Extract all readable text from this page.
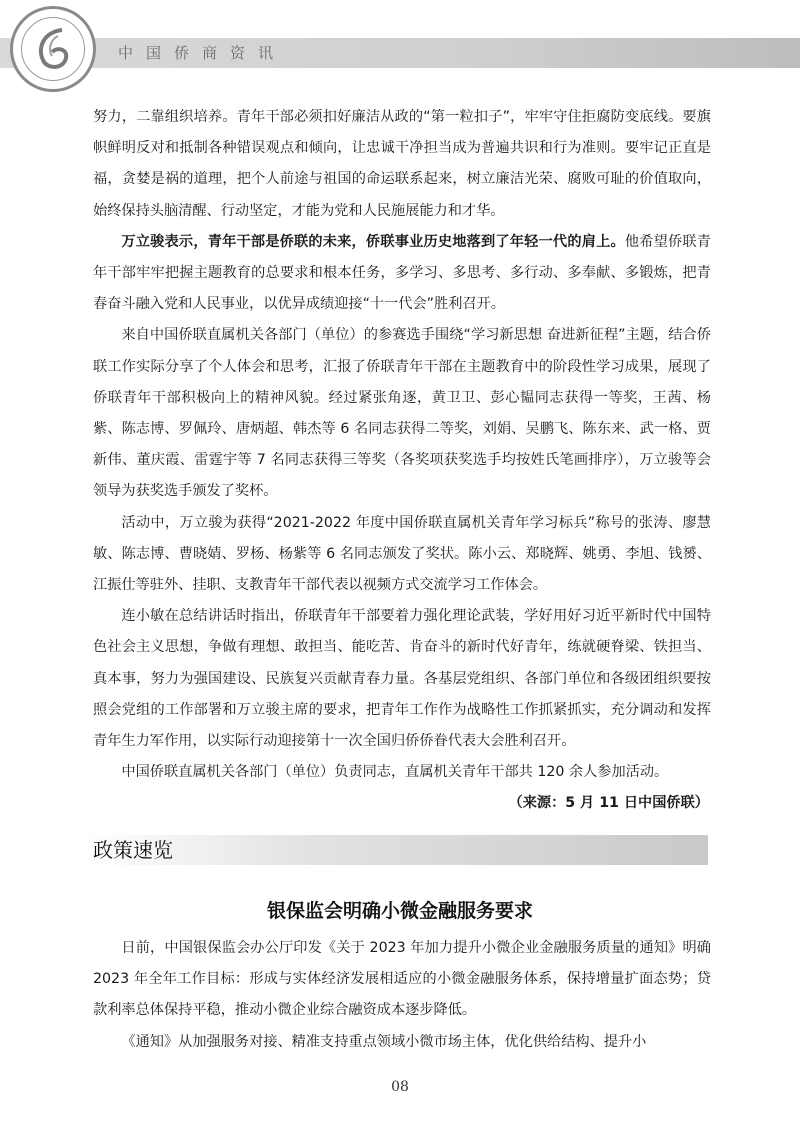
中国侨商资讯

努力，二靠组织培养。青年干部必须扣好廉洁从政的“第一粒扣子”，牢牢守住拒腐防变底线。要旗帜鲜明反对和抵制各种错误观点和倾向，让忠诚干净担当成为普遍共识和行为准则。要牢记正直是福，贪婪是祸的道理，把个人前途与祖国的命运联系起来，树立廉洁光荣、腐败可耻的价值取向，始终保持头脑清醒、行动坚定，才能为党和人民施展能力和才华。

万立骏表示，青年干部是侨联的未来，侨联事业历史地落到了年轻一代的肩上。他希望侨联青年干部牢牢把握主题教育的总要求和根本任务，多学习、多思考、多行动、多奉献、多锻炼，把青春奋斗融入党和人民事业，以优异成绩迎接“十一代会”胜利召开。

来自中国侨联直属机关各部门（单位）的参赛选手围绕“学习新思想 奋进新征程”主题，结合侨联工作实际分享了个人体会和思考，汇报了侨联青年干部在主题教育中的阶段性学习成果，展现了侨联青年干部积极向上的精神风貌。经过紧张角逐，黄卫卫、彭心韫同志获得一等奖，王茜、杨紫、陈志博、罗佩玲、唐炳超、韩杰等 6 名同志获得二等奖，刘娟、吴鹏飞、陈东来、武一格、贾新伟、董庆霞、雷霆宇等 7 名同志获得三等奖（各奖项获奖选手均按姓氏笔画排序），万立骏等会领导为获奖选手颁发了奖杯。

活动中，万立骏为获得“2021-2022 年度中国侨联直属机关青年学习标兵”称号的张涛、廖慧敏、陈志博、曹晓婧、罗杨、杨紫等 6 名同志颁发了奖状。陈小云、郑晓辉、姚勇、李旭、钱赟、江振仕等驻外、挂职、支教青年干部代表以视频方式交流学习工作体会。

连小敏在总结讲话时指出，侨联青年干部要着力强化理论武装，学好用好习近平新时代中国特色社会主义思想，争做有理想、敢担当、能吃苦、肯奋斗的新时代好青年，练就硬脊梁、铁担当、真本事，努力为强国建设、民族复兴贡献青春力量。各基层党组织、各部门单位和各级团组织要按照会党组的工作部署和万立骏主席的要求，把青年工作作为战略性工作抓紧抓实，充分调动和发挥青年生力军作用，以实际行动迎接第十一次全国归侨侨眷代表大会胜利召开。

中国侨联直属机关各部门（单位）负责同志，直属机关青年干部共 120 余人参加活动。

（来源：5 月 11 日中国侨联）

政策速览
银保监会明确小微金融服务要求

日前，中国银保监会办公厅印发《关于 2023 年加力提升小微企业金融服务质量的通知》明确 2023 年全年工作目标：形成与实体经济发展相适应的小微金融服务体系，保持增量扩面态势；贷款利率总体保持平稳，推动小微企业综合融资成本逐步降低。

《通知》从加强服务对接、精准支持重点领域小微市场主体，优化供给结构、提升小

08
